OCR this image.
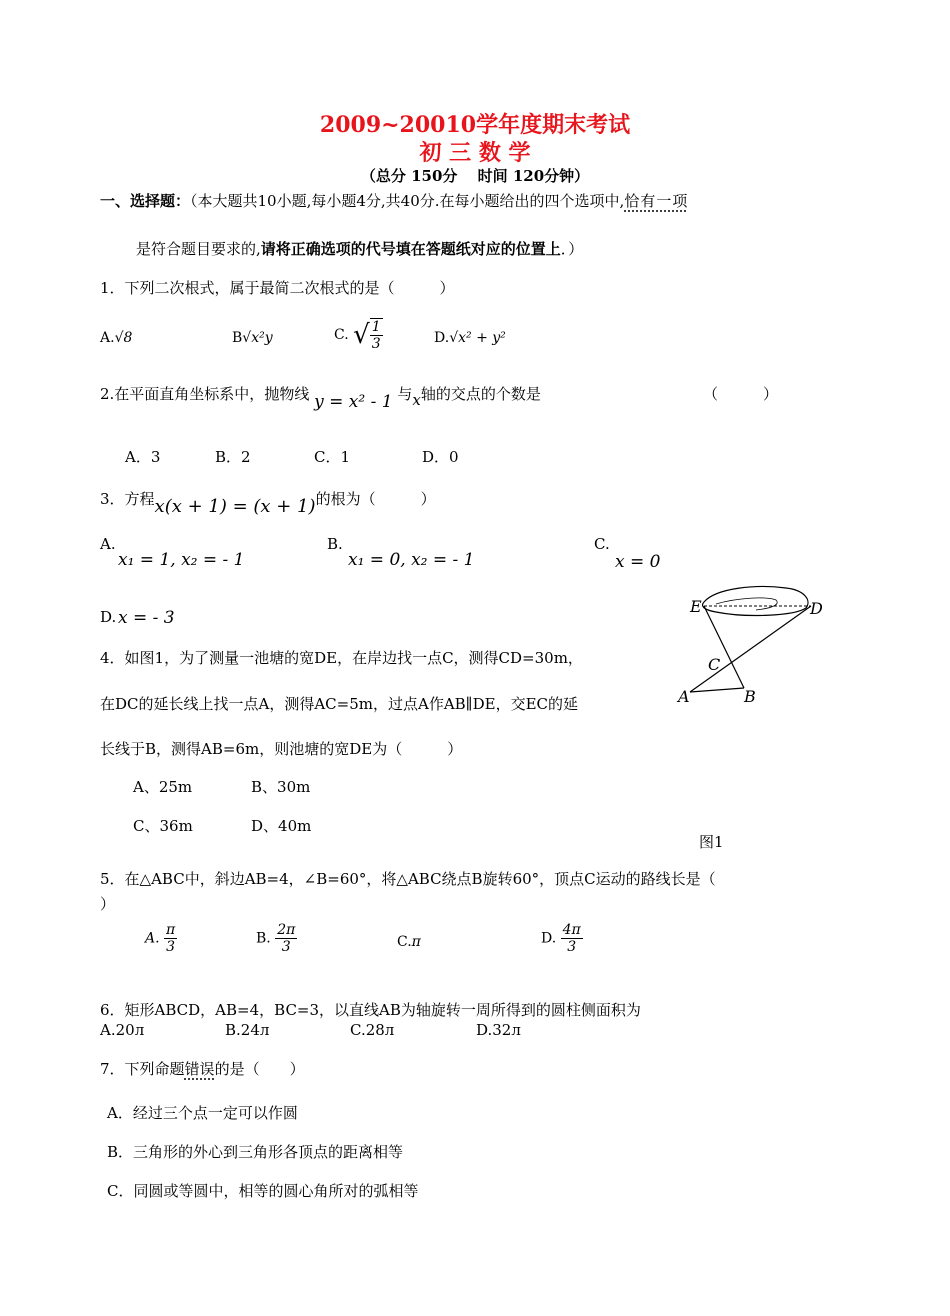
2009~20010学年度期末考试
初 三 数 学
（总分 150分　 时间 120分钟）
一、选择题：（本大题共10小题,每小题4分,共40分.在每小题给出的四个选项中,恰有一项
是符合题目要求的,请将正确选项的代号填在答题纸对应的位置上．）
1．下列二次根式，属于最简二次根式的是（　　　）
A.√8	B√x²y	C. √ $\frac{1}{3}$	D.√x² + y²
2.在平面直角坐标系中，抛物线 y = x² - 1 与x轴的交点的个数是	（　　　）
A．3	B．2	C．1	D．0
3．方程x(x + 1) = (x + 1)的根为（　　　）
A.
x₁ = 1, x₂ = - 1
B.
x₁ = 0, x₂ = - 1
C.
x = 0
D. x = - 3
4．如图1，为了测量一池塘的宽DE，在岸边找一点C，测得CD=30m，
在DC的延长线上找一点A，测得AC=5m，过点A作AB∥DE，交EC的延
长线于B，测得AB=6m，则池塘的宽DE为（　　　）
A、25m	B、30m
C、36m	D、40m
E	D
C
A	B
图1
5．在△ABC中，斜边AB=4，∠B=60°，将△ABC绕点B旋转60°，顶点C运动的路线长是（
）
A. $\frac{\pi}{3}$	B. $\frac{2\pi}{3}$	C.π	D. $\frac{4\pi}{3}$
6．矩形ABCD，AB=4，BC=3，以直线AB为轴旋转一周所得到的圆柱侧面积为
A.20л	B.24л	C.28л	D.32л
7．下列命题错误的是（　　）
A．经过三个点一定可以作圆
B．三角形的外心到三角形各顶点的距离相等
C．同圆或等圆中，相等的圆心角所对的弧相等
